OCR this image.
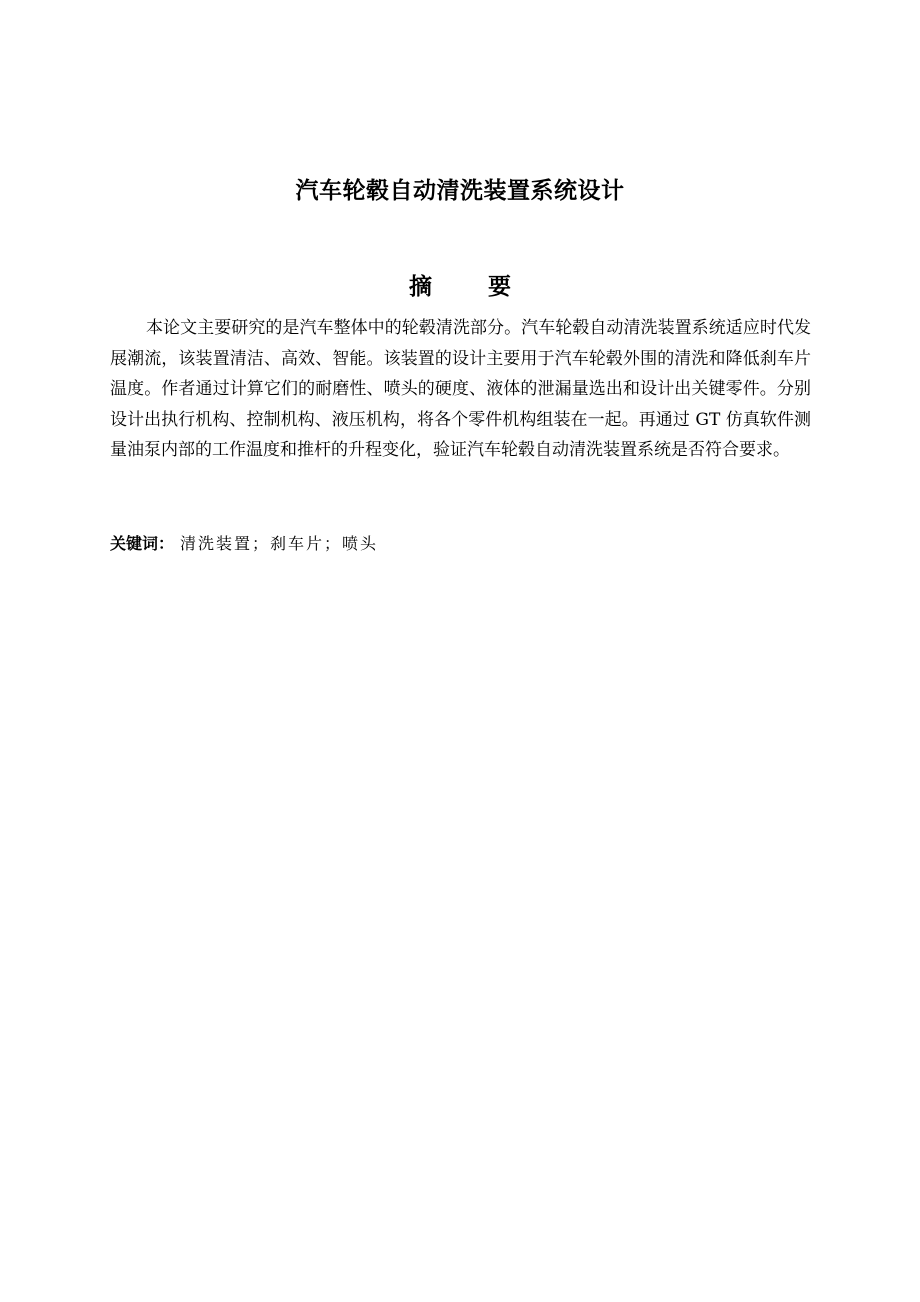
汽车轮毂自动清洗装置系统设计
摘要

本论文主要研究的是汽车整体中的轮毂清洗部分。汽车轮毂自动清洗装置系统适应时代发展潮流，该装置清洁、高效、智能。该装置的设计主要用于汽车轮毂外围的清洗和降低刹车片温度。作者通过计算它们的耐磨性、喷头的硬度、液体的泄漏量选出和设计出关键零件。分别设计出执行机构、控制机构、液压机构，将各个零件机构组装在一起。再通过 GT 仿真软件测量油泵内部的工作温度和推杆的升程变化，验证汽车轮毂自动清洗装置系统是否符合要求。

关键词： 清洗装置；刹车片；喷头
